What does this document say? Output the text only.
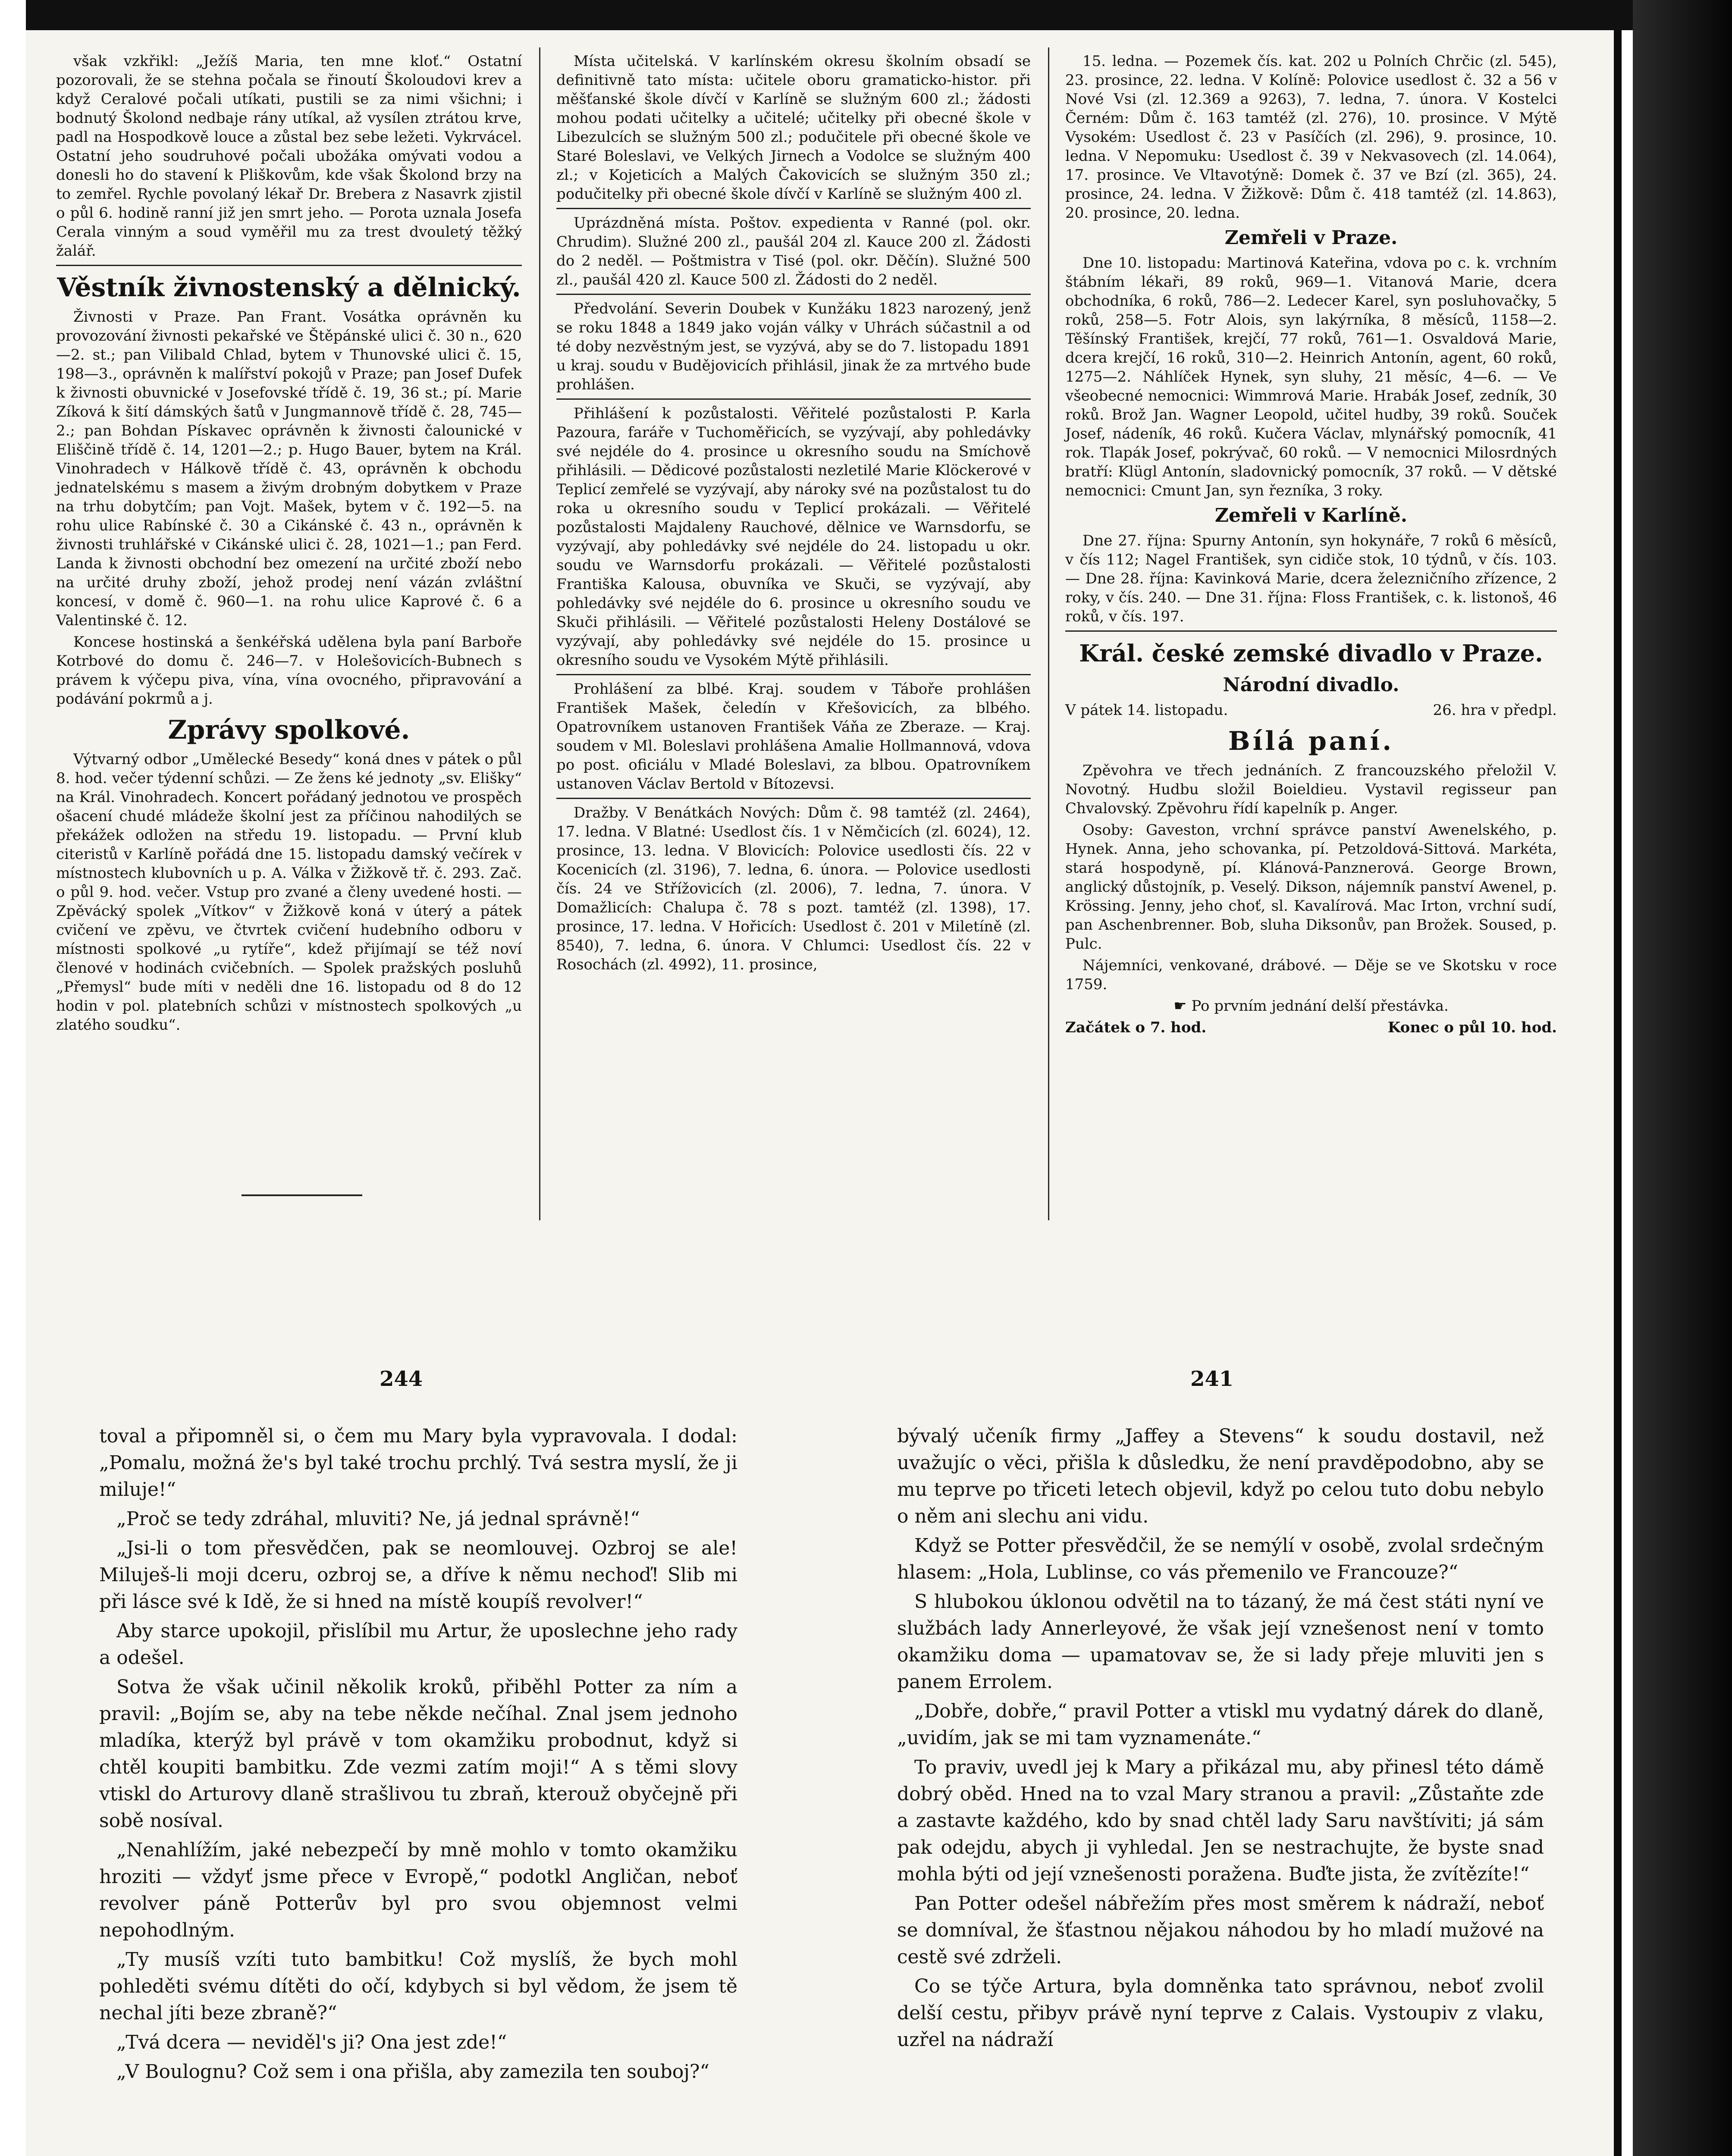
však vzkřikl: „Ježíš Maria, ten mne kloť.“ Ostatní pozorovali, že se stehna počala se řinoutí Školoudovi krev a když Ceralové počali utíkati, pustili se za nimi všichni; i bodnutý Školond nedbaje rány utíkal, až vysílen ztrátou krve, padl na Hospodkově louce a zůstal bez sebe ležeti. Vykrvácel. Ostatní jeho soudruhové počali ubožáka omývati vodou a donesli ho do stavení k Pliškovům, kde však Školond brzy na to zemřel. Rychle povolaný lékař Dr. Brebera z Nasavrk zjistil o půl 6. hodině ranní již jen smrt jeho. — Porota uznala Josefa Cerala vinným a soud vyměřil mu za trest dvouletý těžký žalář.

Věstník živnostenský a dělnický.

Živnosti v Praze. Pan Frant. Vosátka oprávněn ku provozování živnosti pekařské ve Štěpánské ulici č. 30 n., 620—2. st.; pan Vilibald Chlad, bytem v Thunovské ulici č. 15, 198—3., oprávněn k malířství pokojů v Praze; pan Josef Dufek k živnosti obuvnické v Josefovské třídě č. 19, 36 st.; pí. Marie Zíková k šití dámských šatů v Jungmannově třídě č. 28, 745—2.; pan Bohdan Pískavec oprávněn k živnosti čalounické v Eliščině třídě č. 14, 1201—2.; p. Hugo Bauer, bytem na Král. Vinohradech v Hálkově třídě č. 43, oprávněn k obchodu jednatelskému s masem a živým drobným dobytkem v Praze na trhu dobytčím; pan Vojt. Mašek, bytem v č. 192—5. na rohu ulice Rabínské č. 30 a Cikánské č. 43 n., oprávněn k živnosti truhlářské v Cikánské ulici č. 28, 1021—1.; pan Ferd. Landa k živnosti obchodní bez omezení na určité zboží nebo na určité druhy zboží, jehož prodej není vázán zvláštní koncesí, v domě č. 960—1. na rohu ulice Kaprové č. 6 a Valentinské č. 12.

Koncese hostinská a šenkéřská udělena byla paní Barboře Kotrbové do domu č. 246—7. v Holešovicích-Bubnech s právem k výčepu piva, vína, vína ovocného, připravování a podávání pokrmů a j.

Zprávy spolkové.

Výtvarný odbor „Umělecké Besedy“ koná dnes v pátek o půl 8. hod. večer týdenní schůzi. — Ze žens ké jednoty „sv. Elišky“ na Král. Vinohradech. Koncert pořádaný jednotou ve prospěch ošacení chudé mládeže školní jest za příčinou nahodilých se překážek odložen na středu 19. listopadu. — První klub citeristů v Karlíně pořádá dne 15. listopadu damský večírek v místnostech klubovních u p. A. Válka v Žižkově tř. č. 293. Zač. o půl 9. hod. večer. Vstup pro zvané a členy uvedené hosti. — Zpěvácký spolek „Vítkov“ v Žižkově koná v úterý a pátek cvičení ve zpěvu, ve čtvrtek cvičení hudebního odboru v místnosti spolkové „u rytíře“, kdež přijímají se též noví členové v hodinách cvičebních. — Spolek pražských posluhů „Přemysl“ bude míti v neděli dne 16. listopadu od 8 do 12 hodin v pol. platebních schůzi v místnostech spolkových „u zlatého soudku“.

Místa učitelská. V karlínském okresu školním obsadí se definitivně tato místa: učitele oboru gramaticko-histor. při měšťanské škole dívčí v Karlíně se služným 600 zl.; žádosti mohou podati učitelky a učitelé; učitelky při obecné škole v Libezulcích se služným 500 zl.; podučitele při obecné škole ve Staré Boleslavi, ve Velkých Jirnech a Vodolce se služným 400 zl.; v Kojeticích a Malých Čakovicích se služným 350 zl.; podučitelky při obecné škole dívčí v Karlíně se služným 400 zl.

Uprázdněná místa. Poštov. expedienta v Ranné (pol. okr. Chrudim). Služné 200 zl., paušál 204 zl. Kauce 200 zl. Žádosti do 2 neděl. — Poštmistra v Tisé (pol. okr. Děčín). Služné 500 zl., paušál 420 zl. Kauce 500 zl. Žádosti do 2 neděl.

Předvolání. Severin Doubek v Kunžáku 1823 narozený, jenž se roku 1848 a 1849 jako voján války v Uhrách súčastnil a od té doby nezvěstným jest, se vyzývá, aby se do 7. listopadu 1891 u kraj. soudu v Budějovicích přihlásil, jinak že za mrtvého bude prohlášen.

Přihlášení k pozůstalosti. Věřitelé pozůstalosti P. Karla Pazoura, faráře v Tuchoměřicích, se vyzývají, aby pohledávky své nejdéle do 4. prosince u okresního soudu na Smíchově přihlásili. — Dědicové pozůstalosti nezletilé Marie Klöckerové v Teplicí zemřelé se vyzývají, aby nároky své na pozůstalost tu do roka u okresního soudu v Teplicí prokázali. — Věřitelé pozůstalosti Majdaleny Rauchové, dělnice ve Warnsdorfu, se vyzývají, aby pohledávky své nejdéle do 24. listopadu u okr. soudu ve Warnsdorfu prokázali. — Věřitelé pozůstalosti Františka Kalousa, obuvníka ve Skuči, se vyzývají, aby pohledávky své nejdéle do 6. prosince u okresního soudu ve Skuči přihlásili. — Věřitelé pozůstalosti Heleny Dostálové se vyzývají, aby pohledávky své nejdéle do 15. prosince u okresního soudu ve Vysokém Mýtě přihlásili.

Prohlášení za blbé. Kraj. soudem v Táboře prohlášen František Mašek, čeledín v Křešovicích, za blbého. Opatrovníkem ustanoven František Váňa ze Zberaze. — Kraj. soudem v Ml. Boleslavi prohlášena Amalie Hollmannová, vdova po post. oficiálu v Mladé Boleslavi, za blbou. Opatrovníkem ustanoven Václav Bertold v Bítozevsi.

Dražby. V Benátkách Nových: Dům č. 98 tamtéž (zl. 2464), 17. ledna. V Blatné: Usedlost čís. 1 v Němčicích (zl. 6024), 12. prosince, 13. ledna. V Blovicích: Polovice usedlosti čís. 22 v Kocenicích (zl. 3196), 7. ledna, 6. února. — Polovice usedlosti čís. 24 ve Střížovicích (zl. 2006), 7. ledna, 7. února. V Domažlicích: Chalupa č. 78 s pozt. tamtéž (zl. 1398), 17. prosince, 17. ledna. V Hořicích: Usedlost č. 201 v Miletíně (zl. 8540), 7. ledna, 6. února. V Chlumci: Usedlost čís. 22 v Rosochách (zl. 4992), 11. prosince,

15. ledna. — Pozemek čís. kat. 202 u Polních Chrčic (zl. 545), 23. prosince, 22. ledna. V Kolíně: Polovice usedlost č. 32 a 56 v Nové Vsi (zl. 12.369 a 9263), 7. ledna, 7. února. V Kostelci Černém: Dům č. 163 tamtéž (zl. 276), 10. prosince. V Mýtě Vysokém: Usedlost č. 23 v Pasíčích (zl. 296), 9. prosince, 10. ledna. V Nepomuku: Usedlost č. 39 v Nekvasovech (zl. 14.064), 17. prosince. Ve Vltavotýně: Domek č. 37 ve Bzí (zl. 365), 24. prosince, 24. ledna. V Žižkově: Dům č. 418 tamtéž (zl. 14.863), 20. prosince, 20. ledna.

Zemřeli v Praze.

Dne 10. listopadu: Martinová Kateřina, vdova po c. k. vrchním štábním lékaři, 89 roků, 969—1. Vitanová Marie, dcera obchodníka, 6 roků, 786—2. Ledecer Karel, syn posluhovačky, 5 roků, 258—5. Fotr Alois, syn lakýrníka, 8 měsíců, 1158—2. Těšínský František, krejčí, 77 roků, 761—1. Osvaldová Marie, dcera krejčí, 16 roků, 310—2. Heinrich Antonín, agent, 60 roků, 1275—2. Náhlíček Hynek, syn sluhy, 21 měsíc, 4—6. — Ve všeobecné nemocnici: Wimmrová Marie. Hrabák Josef, zedník, 30 roků. Brož Jan. Wagner Leopold, učitel hudby, 39 roků. Souček Josef, nádeník, 46 roků. Kučera Václav, mlynářský pomocník, 41 rok. Tlapák Josef, pokrývač, 60 roků. — V nemocnici Milosrdných bratří: Klügl Antonín, sladovnický pomocník, 37 roků. — V dětské nemocnici: Cmunt Jan, syn řezníka, 3 roky.

Zemřeli v Karlíně.

Dne 27. října: Spurny Antonín, syn hokynáře, 7 roků 6 měsíců, v čís 112; Nagel František, syn cidiče stok, 10 týdnů, v čís. 103. — Dne 28. října: Kavinková Marie, dcera železničního zřízence, 2 roky, v čís. 240. — Dne 31. října: Floss František, c. k. listonoš, 46 roků, v čís. 197.

Král. české zemské divadlo v Praze.
Národní divadlo.
V pátek 14. listopadu.	26. hra v předpl.
Bílá paní.

Zpěvohra ve třech jednáních. Z francouzského přeložil V. Novotný. Hudbu složil Boieldieu. Vystavil regisseur pan Chvalovský. Zpěvohru řídí kapelník p. Anger.

Osoby: Gaveston, vrchní správce panství Awenelského, p. Hynek. Anna, jeho schovanka, pí. Petzoldová-Sittová. Markéta, stará hospodyně, pí. Klánová-Panznerová. George Brown, anglický důstojník, p. Veselý. Dikson, nájemník panství Awenel, p. Krössing. Jenny, jeho choť, sl. Kavalírová. Mac Irton, vrchní sudí, pan Aschenbrenner. Bob, sluha Diksonův, pan Brožek. Soused, p. Pulc.

Nájemníci, venkované, drábové. — Děje se ve Skotsku v roce 1759.

☛ Po prvním jednání delší přestávka.

Začátek o 7. hod.	Konec o půl 10. hod.
244	241

toval a připomněl si, o čem mu Mary byla vypravovala. I dodal: „Pomalu, možná že's byl také trochu prchlý. Tvá sestra myslí, že ji miluje!“

„Proč se tedy zdráhal, mluviti? Ne, já jednal správně!“

„Jsi-li o tom přesvědčen, pak se neomlouvej. Ozbroj se ale! Miluješ-li moji dceru, ozbroj se, a dříve k němu nechoď! Slib mi při lásce své k Idě, že si hned na místě koupíš revolver!“

Aby starce upokojil, přislíbil mu Artur, že uposlechne jeho rady a odešel.

Sotva že však učinil několik kroků, přiběhl Potter za ním a pravil: „Bojím se, aby na tebe někde nečíhal. Znal jsem jednoho mladíka, kterýž byl právě v tom okamžiku probodnut, když si chtěl koupiti bambitku. Zde vezmi zatím moji!“ A s těmi slovy vtiskl do Arturovy dlaně strašlivou tu zbraň, kterouž obyčejně při sobě nosíval.

„Nenahlížím, jaké nebezpečí by mně mohlo v tomto okamžiku hroziti — vždyť jsme přece v Evropě,“ podotkl Angličan, neboť revolver páně Potterův byl pro svou objemnost velmi nepohodlným.

„Ty musíš vzíti tuto bambitku! Což myslíš, že bych mohl pohleděti svému dítěti do očí, kdybych si byl vědom, že jsem tě nechal jíti beze zbraně?“

„Tvá dcera — neviděl's ji? Ona jest zde!“

„V Boulognu? Což sem i ona přišla, aby zamezila ten souboj?“

bývalý učeník firmy „Jaffey a Stevens“ k soudu dostavil, než uvažujíc o věci, přišla k důsledku, že není pravděpodobno, aby se mu teprve po třiceti letech objevil, když po celou tuto dobu nebylo o něm ani slechu ani vidu.

Když se Potter přesvědčil, že se nemýlí v osobě, zvolal srdečným hlasem: „Hola, Lublinse, co vás přemenilo ve Francouze?“

S hlubokou úklonou odvětil na to tázaný, že má čest státi nyní ve službách lady Annerleyové, že však její vznešenost není v tomto okamžiku doma — upamatovav se, že si lady přeje mluviti jen s panem Errolem.

„Dobře, dobře,“ pravil Potter a vtiskl mu vydatný dárek do dlaně, „uvidím, jak se mi tam vyznamenáte.“

To praviv, uvedl jej k Mary a přikázal mu, aby přinesl této dámě dobrý oběd. Hned na to vzal Mary stranou a pravil: „Zůstaňte zde a zastavte každého, kdo by snad chtěl lady Saru navštíviti; já sám pak odejdu, abych ji vyhledal. Jen se nestrachujte, že byste snad mohla býti od její vznešenosti poražena. Buďte jista, že zvítězíte!“

Pan Potter odešel nábřežím přes most směrem k nádraží, neboť se domníval, že šťastnou nějakou náhodou by ho mladí mužové na cestě své zdrželi.

Co se týče Artura, byla domněnka tato správnou, neboť zvolil delší cestu, přibyv právě nyní teprve z Calais. Vystoupiv z vlaku, uzřel na nádraží
